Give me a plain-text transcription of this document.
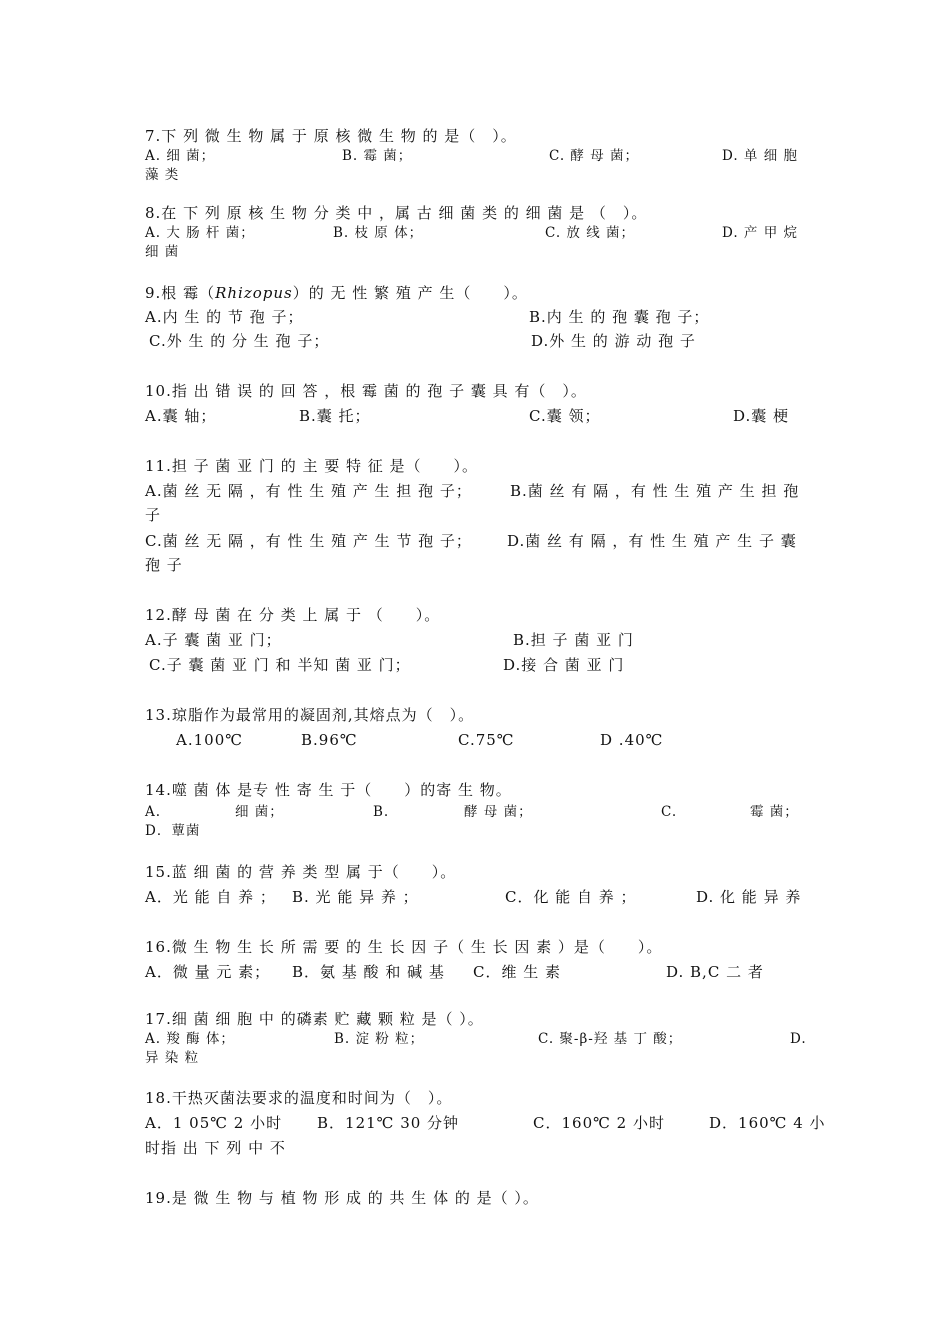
7.下 列 微 生 物 属 于 原 核 微 生 物 的 是（　）。
A. 细 菌；	B. 霉 菌；	C. 酵 母 菌；	D. 单 细 胞
藻 类
8.在 下 列 原 核 生 物 分 类 中 ，属 古 细 菌 类 的 细 菌 是 （　）。
A. 大 肠 杆 菌；	B. 枝 原 体；	C. 放 线 菌；	D. 产 甲 烷
细 菌
9.根 霉（Rhizopus）的 无 性 繁 殖 产 生（　　）。
A.内 生 的 节 孢 子；	B.内 生 的 孢 囊 孢 子；
C.外 生 的 分 生 孢 子；	D.外 生 的 游 动 孢 子
10.指 出 错 误 的 回 答 ，根 霉 菌 的 孢 子 囊 具 有（　）。
A.囊 轴；	B.囊 托；	C.囊 领；	D.囊 梗
11.担 子 菌 亚 门 的 主 要 特 征 是（　　）。
A.菌 丝 无 隔 ，有 性 生 殖 产 生 担 孢 子；	B.菌 丝 有 隔 ，有 性 生 殖 产 生 担 孢
子
C.菌 丝 无 隔 ，有 性 生 殖 产 生 节 孢 子； D.菌 丝 有 隔 ，有 性 生 殖 产 生 子 囊
孢 子
12.酵 母 菌 在 分 类 上 属 于 （　　）。
A.子 囊 菌 亚 门；	B.担 子 菌 亚 门
C.子 囊 菌 亚 门 和 半知 菌 亚 门；	D.接 合 菌 亚 门
13.琼脂作为最常用的凝固剂,其熔点为（　）。
A.100℃	B.96℃	C.75℃	D .40℃
14.噬 菌 体 是专 性 寄 生 于（　　）的寄 生 物。
A.	细 菌；	B.	酵 母 菌；	C.	霉 菌；
D．蕈菌
15.蓝 细 菌 的 营 养 类 型 属 于（　　）。
A．光 能 自 养 ； B. 光 能 异 养 ；	C．化 能 自 养 ；	D. 化 能 异 养
16.微 生 物 生 长 所 需 要 的 生 长 因 子（ 生 长 因 素 ）是（　　）。
A．微 量 元 素； B．氨 基 酸 和 碱 基 C．维 生 素	D. B,C 二 者
17.细 菌 细 胞 中 的磷素 贮 藏 颗 粒 是（ ）。
A. 羧 酶 体；	B. 淀 粉 粒；	C. 聚-β-羟 基 丁 酸；	D.
异 染 粒
18.干热灭菌法要求的温度和时间为（　）。
A．1 05℃ 2 小时 B．121℃ 30 分钟	C．160℃ 2 小时	D．160℃ 4 小
时指 出 下 列 中 不
19.是 微 生 物 与 植 物 形 成 的 共 生 体 的 是（ ）。
